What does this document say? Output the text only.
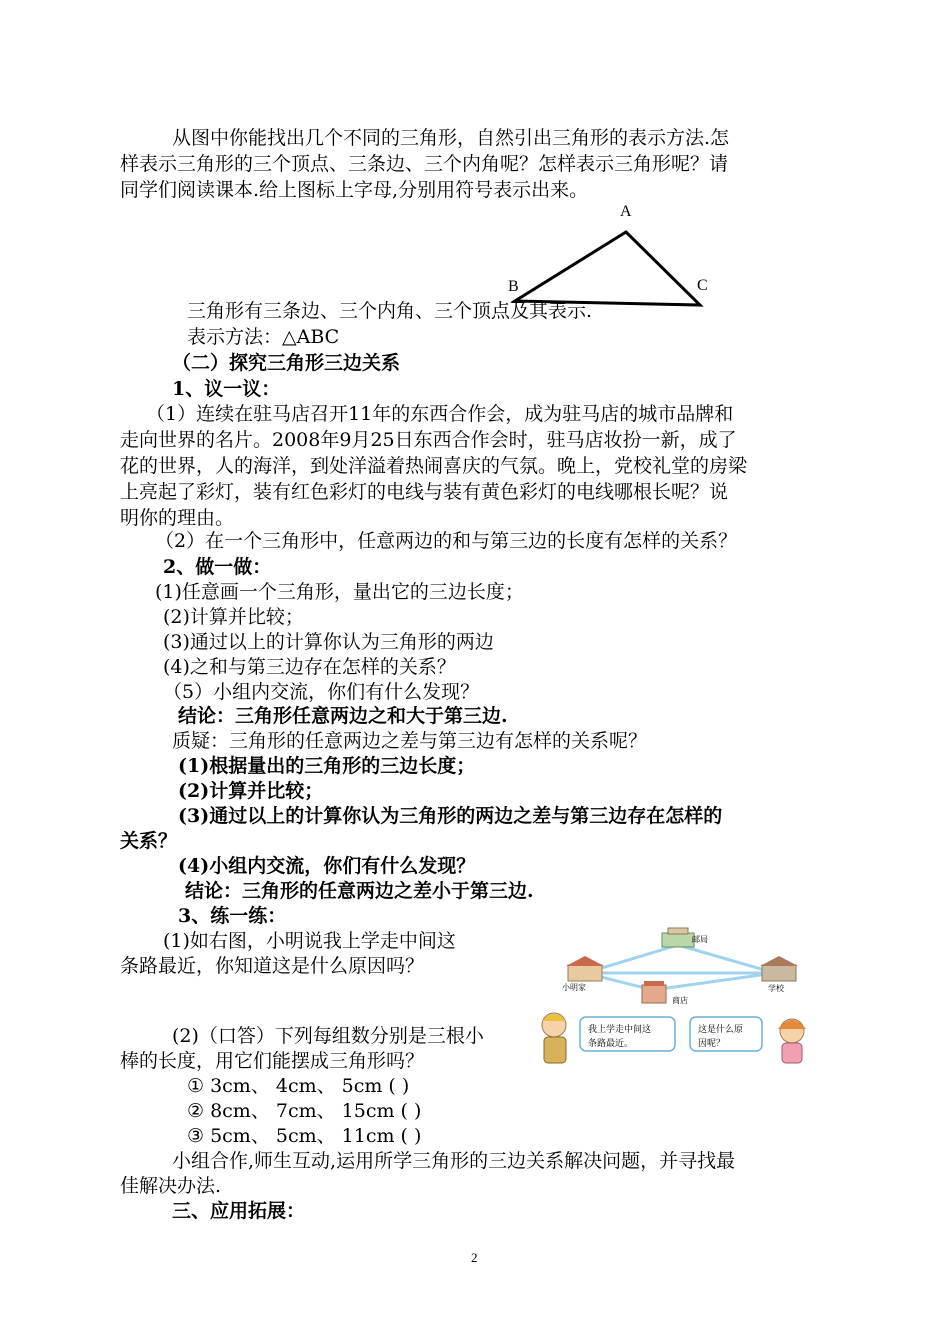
从图中你能找出几个不同的三角形，自然引出三角形的表示方法.怎
样表示三角形的三个顶点、三条边、三个内角呢？怎样表示三角形呢？请
同学们阅读课本.给上图标上字母,分别用符号表示出来。
三角形有三条边、三个内角、三个顶点及其表示.
表示方法：△ABC
（二）探究三角形三边关系
1、议一议：
（1）连续在驻马店召开11年的东西合作会，成为驻马店的城市品牌和
走向世界的名片。2008年9月25日东西合作会时，驻马店妆扮一新，成了
花的世界，人的海洋，到处洋溢着热闹喜庆的气氛。晚上，党校礼堂的房梁
上亮起了彩灯，装有红色彩灯的电线与装有黄色彩灯的电线哪根长呢？说
明你的理由。
（2）在一个三角形中，任意两边的和与第三边的长度有怎样的关系？
2、做一做：
(1)任意画一个三角形，量出它的三边长度；
(2)计算并比较；
(3)通过以上的计算你认为三角形的两边
(4)之和与第三边存在怎样的关系？
（5）小组内交流，你们有什么发现？
结论：三角形任意两边之和大于第三边.
质疑：三角形的任意两边之差与第三边有怎样的关系呢？
(1)根据量出的三角形的三边长度；
(2)计算并比较；
(3)通过以上的计算你认为三角形的两边之差与第三边存在怎样的
关系？
(4)小组内交流，你们有什么发现？
结论：三角形的任意两边之差小于第三边.
3、练一练：
(1)如右图，小明说我上学走中间这
条路最近，你知道这是什么原因吗？
(2)（口答）下列每组数分别是三根小
棒的长度，用它们能摆成三角形吗？
① 3cm、 4cm、 5cm ( )
② 8cm、 7cm、 15cm ( )
③ 5cm、 5cm、 11cm ( )
小组合作,师生互动,运用所学三角形的三边关系解决问题，并寻找最
佳解决办法.
三、应用拓展：
A
B	C
邮局
小明家
商店
学校
我上学走中间这
条路最近。
这是什么原
因呢？
2
